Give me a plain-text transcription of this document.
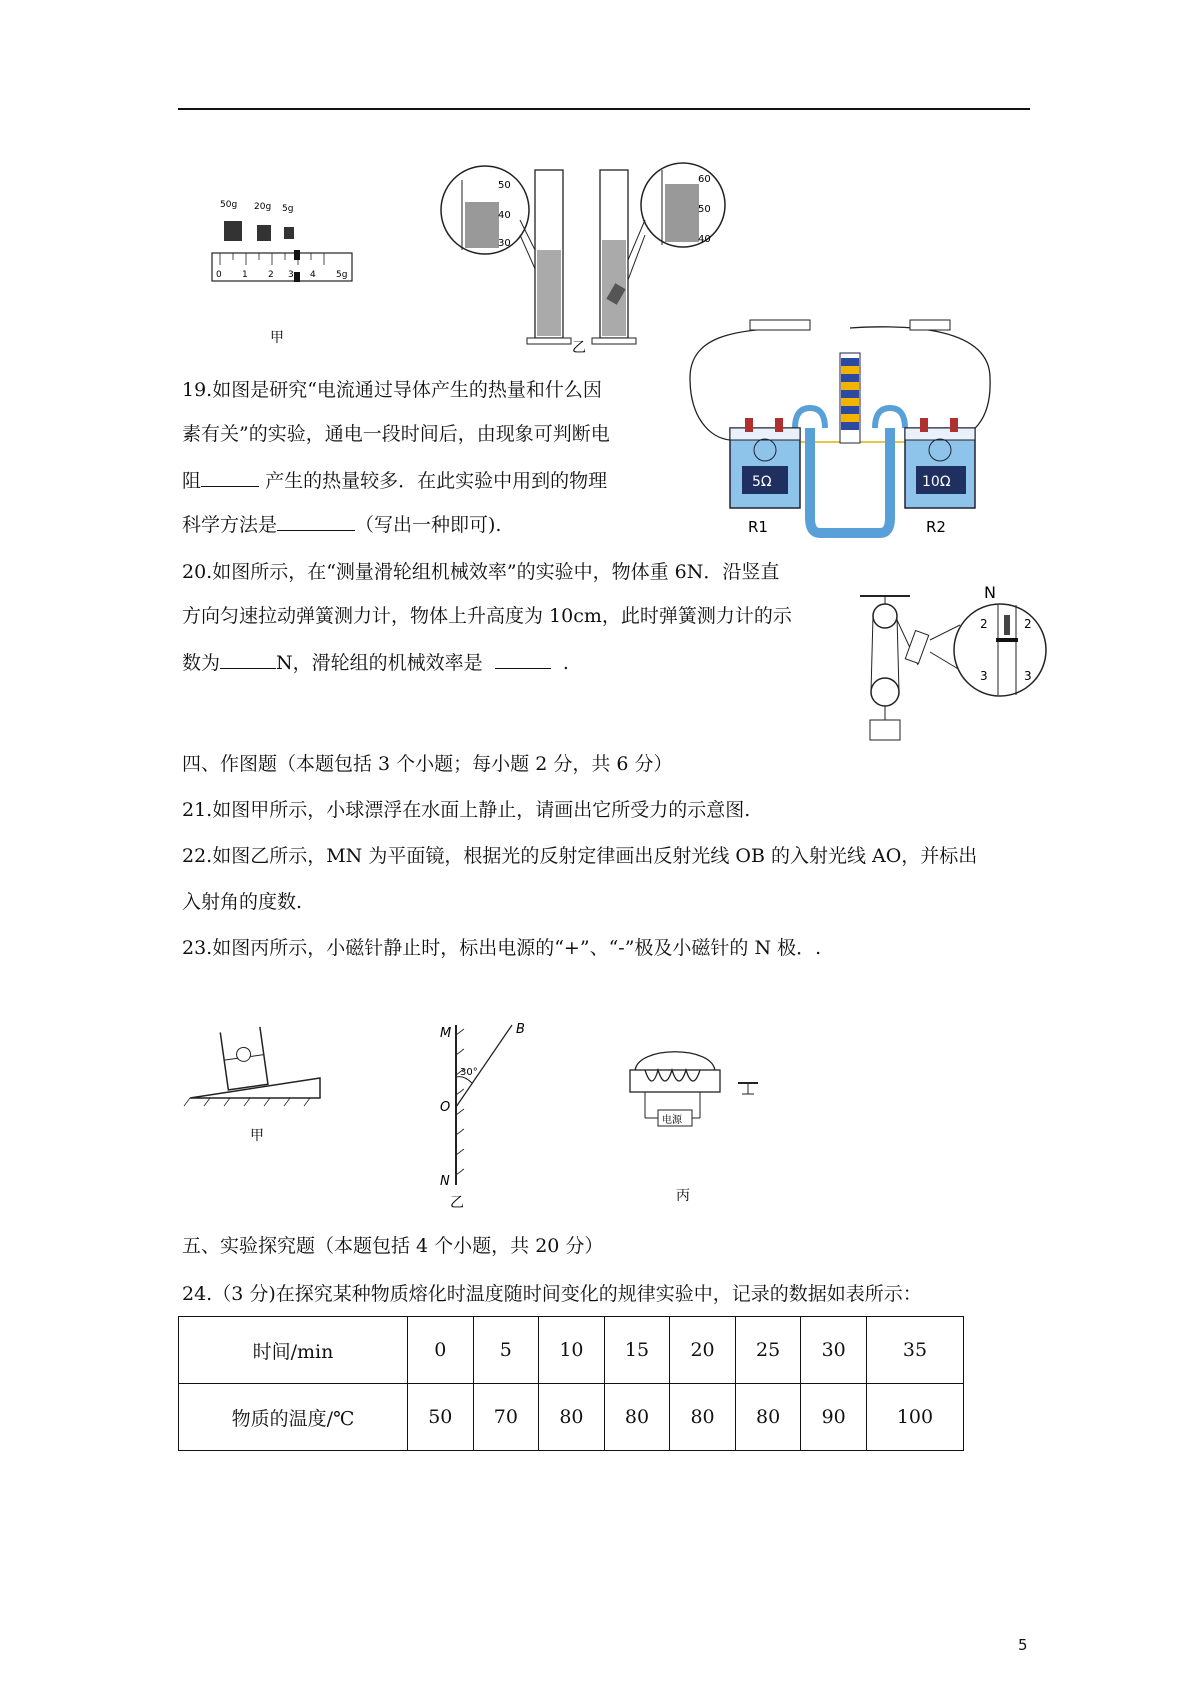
50g 20g 5g
0 1 2 3 4 5g
甲
50
40
30
乙
60
50
40
5Ω
R1
10Ω
R2
19.如图是研究“电流通过导体产生的热量和什么因
素有关”的实验，通电一段时间后，由现象可判断电
阻	产生的热量较多．在此实验中用到的物理
科学方法是	（写出一种即可).
20.如图所示，在“测量滑轮组机械效率”的实验中，物体重 6N．沿竖直
方向匀速拉动弹簧测力计，物体上升高度为 10cm，此时弹簧测力计的示
数为	N，滑轮组的机械效率是	.
N
2	2
3	3
四、作图题（本题包括 3 个小题；每小题 2 分，共 6 分）
21.如图甲所示，小球漂浮在水面上静止，请画出它所受力的示意图.
22.如图乙所示，MN 为平面镜，根据光的反射定律画出反射光线 OB 的入射光线 AO，并标出
入射角的度数.
23.如图丙所示，小磁针静止时，标出电源的“+”、“-”极及小磁针的 N 极．.
甲
M
O
N
B
30°
乙
电源
丙
五、实验探究题（本题包括 4 个小题，共 20 分）
24.（3 分)在探究某种物质熔化时温度随时间变化的规律实验中，记录的数据如表所示：
时间/min	0	5	10	15	20	25	30	35
物质的温度/℃	50	70	80	80	80	80	90	100
5
